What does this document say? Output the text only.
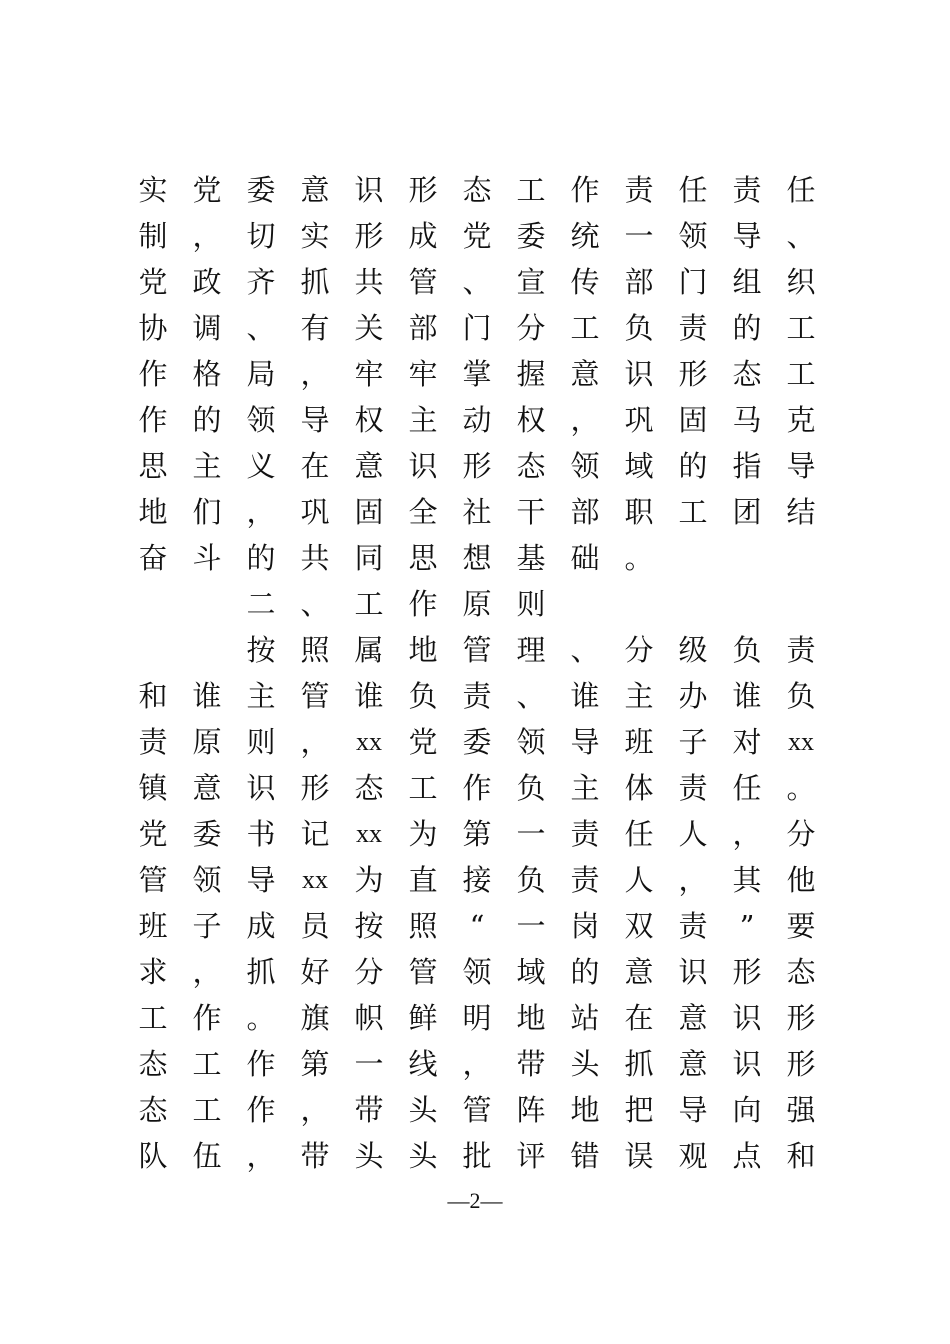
实 党 委 意 识 形 态 工 作 责 任 责 任
制 ， 切 实 形 成 党 委 统 一 领 导 、
党 政 齐 抓 共 管 、 宣 传 部 门 组 织
协 调 、 有 关 部 门 分 工 负 责 的 工
作 格 局 ， 牢 牢 掌 握 意 识 形 态 工
作 的 领 导 权 主 动 权 ， 巩 固 马 克
思 主 义 在 意 识 形 态 领 域 的 指 导
地 们 ， 巩 固 全 社 干 部 职 工 团 结
奋 斗 的 共 同 思 想 基 础 。
二 、 工 作 原 则
按 照 属 地 管 理 、 分 级 负 责
和 谁 主 管 谁 负 责 、 谁 主 办 谁 负
责 原 则 ，	xx 党 委 领 导 班 子 对	xx
镇 意 识 形 态 工 作 负 主 体 责 任 。
党 委 书 记	xx 为 第 一 责 任 人 ， 分
管 领 导	xx 为 直 接 负 责 人 ， 其 他
班 子 成 员 按 照	“	一 岗 双 责	”	要
求 ， 抓 好 分 管 领 域 的 意 识 形 态
工 作 。 旗 帜 鲜 明 地 站 在 意 识 形
态 工 作 第 一 线 ， 带 头 抓 意 识 形
态 工 作 ， 带 头 管 阵 地 把 导 向 强
队 伍 ， 带 头 头 批 评 错 误 观 点 和
—2—
